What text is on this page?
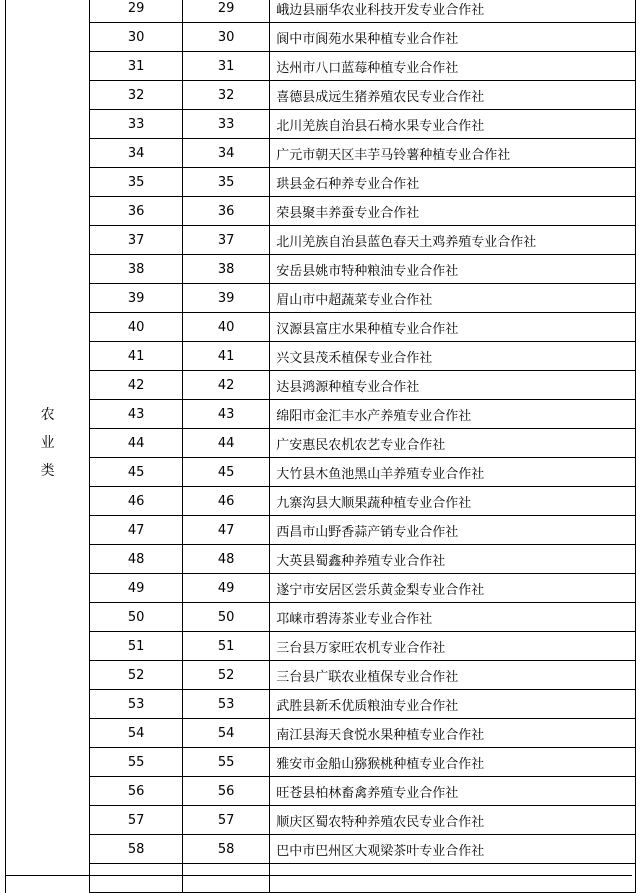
农业类	29	29	峨边县丽华农业科技开发专业合作社
	30	30	阆中市阆苑水果种植专业合作社
	31	31	达州市八口蓝莓种植专业合作社
	32	32	喜德县成远生猪养殖农民专业合作社
	33	33	北川羌族自治县石椅水果专业合作社
	34	34	广元市朝天区丰芋马铃薯种植专业合作社
	35	35	珙县金石种养专业合作社
	36	36	荣县聚丰养蚕专业合作社
	37	37	北川羌族自治县蓝色春天土鸡养殖专业合作社
	38	38	安岳县姚市特种粮油专业合作社
	39	39	眉山市中超蔬菜专业合作社
	40	40	汉源县富庄水果种植专业合作社
	41	41	兴文县茂禾植保专业合作社
	42	42	达县鸿源种植专业合作社
	43	43	绵阳市金汇丰水产养殖专业合作社
	44	44	广安惠民农机农艺专业合作社
	45	45	大竹县木鱼池黑山羊养殖专业合作社
	46	46	九寨沟县大顺果蔬种植专业合作社
	47	47	西昌市山野香蒜产销专业合作社
	48	48	大英县蜀鑫种养殖专业合作社
	49	49	遂宁市安居区尝乐黄金梨专业合作社
	50	50	邛崃市碧涛茶业专业合作社
	51	51	三台县万家旺农机专业合作社
	52	52	三台县广联农业植保专业合作社
	53	53	武胜县新禾优质粮油专业合作社
	54	54	南江县海天食悦水果种植专业合作社
	55	55	雅安市金船山猕猴桃种植专业合作社
	56	56	旺苍县柏林畜禽养殖专业合作社
	57	57	顺庆区蜀农特种养殖农民专业合作社
	58	58	巴中市巴州区大观梁茶叶专业合作社
